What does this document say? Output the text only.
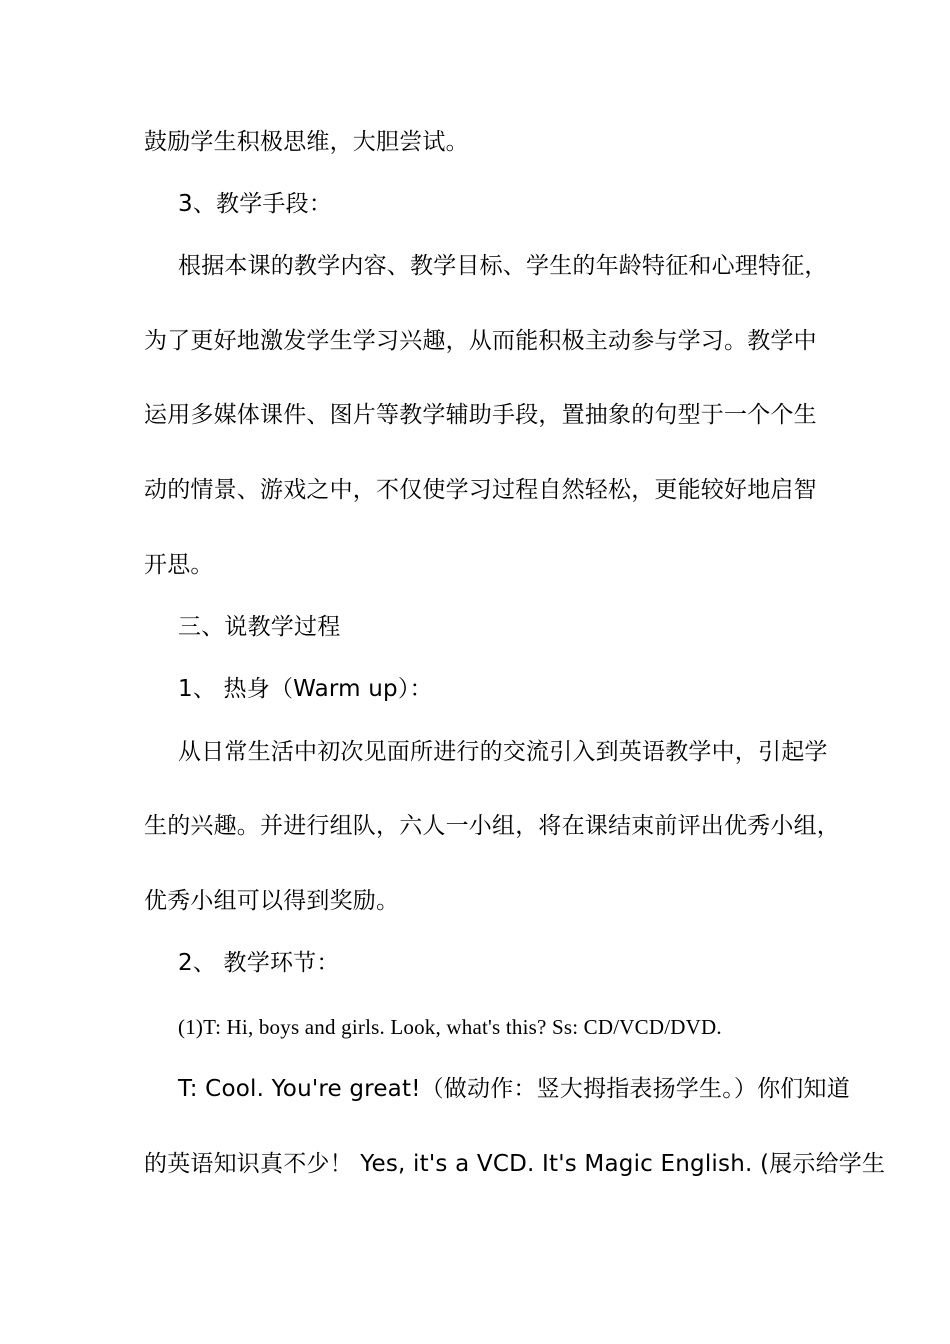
鼓励学生积极思维，大胆尝试。
3、教学手段：
根据本课的教学内容、教学目标、学生的年龄特征和心理特征，
为了更好地激发学生学习兴趣，从而能积极主动参与学习。教学中
运用多媒体课件、图片等教学辅助手段，置抽象的句型于一个个生
动的情景、游戏之中，不仅使学习过程自然轻松，更能较好地启智
开思。
三、说教学过程
1、 热身（Warm up）：
从日常生活中初次见面所进行的交流引入到英语教学中，引起学
生的兴趣。并进行组队，六人一小组，将在课结束前评出优秀小组，
优秀小组可以得到奖励。
2、 教学环节：
(1)T: Hi, boys and girls. Look, what's this? Ss: CD/VCD/DVD.
T: Cool. You're great!（做动作：竖大拇指表扬学生。）你们知道
的英语知识真不少！ Yes, it's a VCD. It's Magic English. (展示给学生
